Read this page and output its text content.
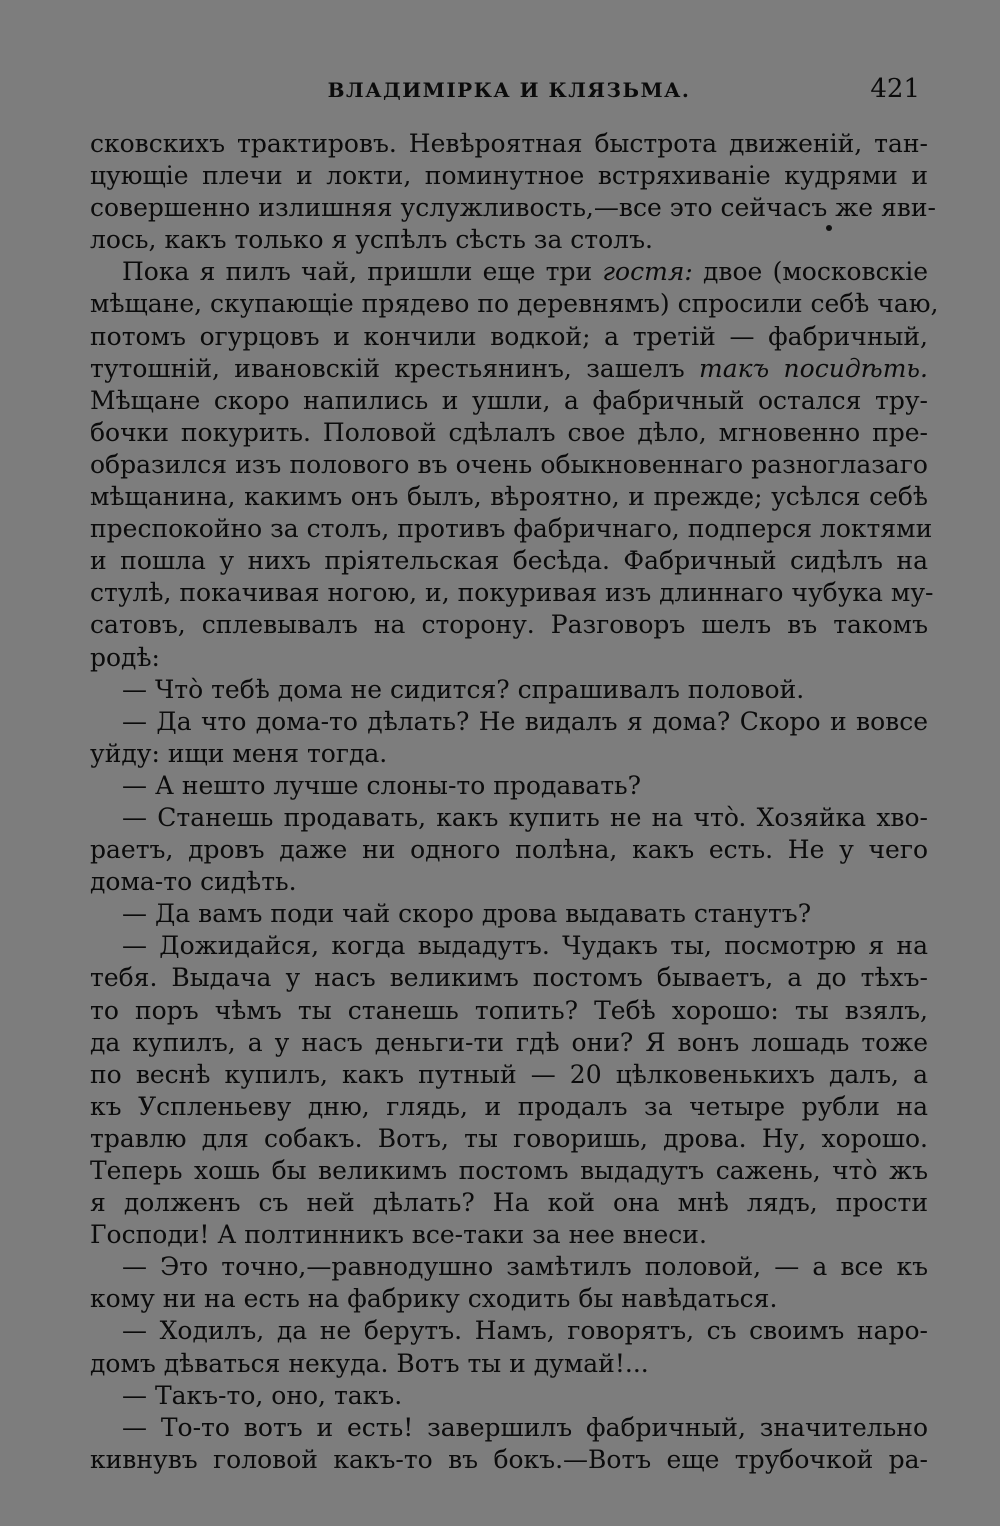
ВЛАДИМІРКА И КЛЯЗЬМА.	421
сковскихъ трактировъ. Невѣроятная быстрота движеній, тан-
цующіе плечи и локти, поминутное встряхиваніе кудрями и
совершенно излишняя услужливость,—все это сейчасъ же яви-
лось, какъ только я успѣлъ сѣсть за столъ.
Пока я пилъ чай, пришли еще три гостя: двое (московскіе
мѣщане, скупающіе прядево по деревнямъ) спросили себѣ чаю,
потомъ огурцовъ и кончили водкой; а третій — фабричный,
тутошній, ивановскій крестьянинъ, зашелъ такъ посидѣть.
Мѣщане скоро напились и ушли, а фабричный остался тру-
бочки покурить. Половой сдѣлалъ свое дѣло, мгновенно пре-
образился изъ полового въ очень обыкновеннаго разноглазаго
мѣщанина, какимъ онъ былъ, вѣроятно, и прежде; усѣлся себѣ
преспокойно за столъ, противъ фабричнаго, подперся локтями
и пошла у нихъ пріятельская бесѣда. Фабричный сидѣлъ на
стулѣ, покачивая ногою, и, покуривая изъ длиннаго чубука му-
сатовъ, сплевывалъ на сторону. Разговоръ шелъ въ такомъ
родѣ:
— Чтò тебѣ дома не сидится? спрашивалъ половой.
— Да что дома-то дѣлать? Не видалъ я дома? Скоро и вовсе
уйду: ищи меня тогда.
— А нешто лучше слоны-то продавать?
— Станешь продавать, какъ купить не на чтò. Хозяйка хво-
раетъ, дровъ даже ни одного полѣна, какъ есть. Не у чего
дома-то сидѣть.
— Да вамъ поди чай скоро дрова выдавать станутъ?
— Дожидайся, когда выдадутъ. Чудакъ ты, посмотрю я на
тебя. Выдача у насъ великимъ постомъ бываетъ, а до тѣхъ-
то поръ чѣмъ ты станешь топить? Тебѣ хорошо: ты взялъ,
да купилъ, а у насъ деньги-ти гдѣ они? Я вонъ лошадь тоже
по веснѣ купилъ, какъ путный — 20 цѣлковенькихъ далъ, а
къ Успленьеву дню, глядь, и продалъ за четыре рубли на
травлю для собакъ. Вотъ, ты говоришь, дрова. Ну, хорошо.
Теперь хошь бы великимъ постомъ выдадутъ сажень, чтò жъ
я долженъ съ ней дѣлать? На кой она мнѣ лядъ, прости
Господи! А полтинникъ все-таки за нее внеси.
— Это точно,—равнодушно замѣтилъ половой, — а все къ
кому ни на есть на фабрику сходить бы навѣдаться.
— Ходилъ, да не берутъ. Намъ, говорятъ, съ своимъ наро-
домъ дѣваться некуда. Вотъ ты и думай!...
— Такъ-то, оно, такъ.
— То-то вотъ и есть! завершилъ фабричный, значительно
кивнувъ головой какъ-то въ бокъ.—Вотъ еще трубочкой ра-
